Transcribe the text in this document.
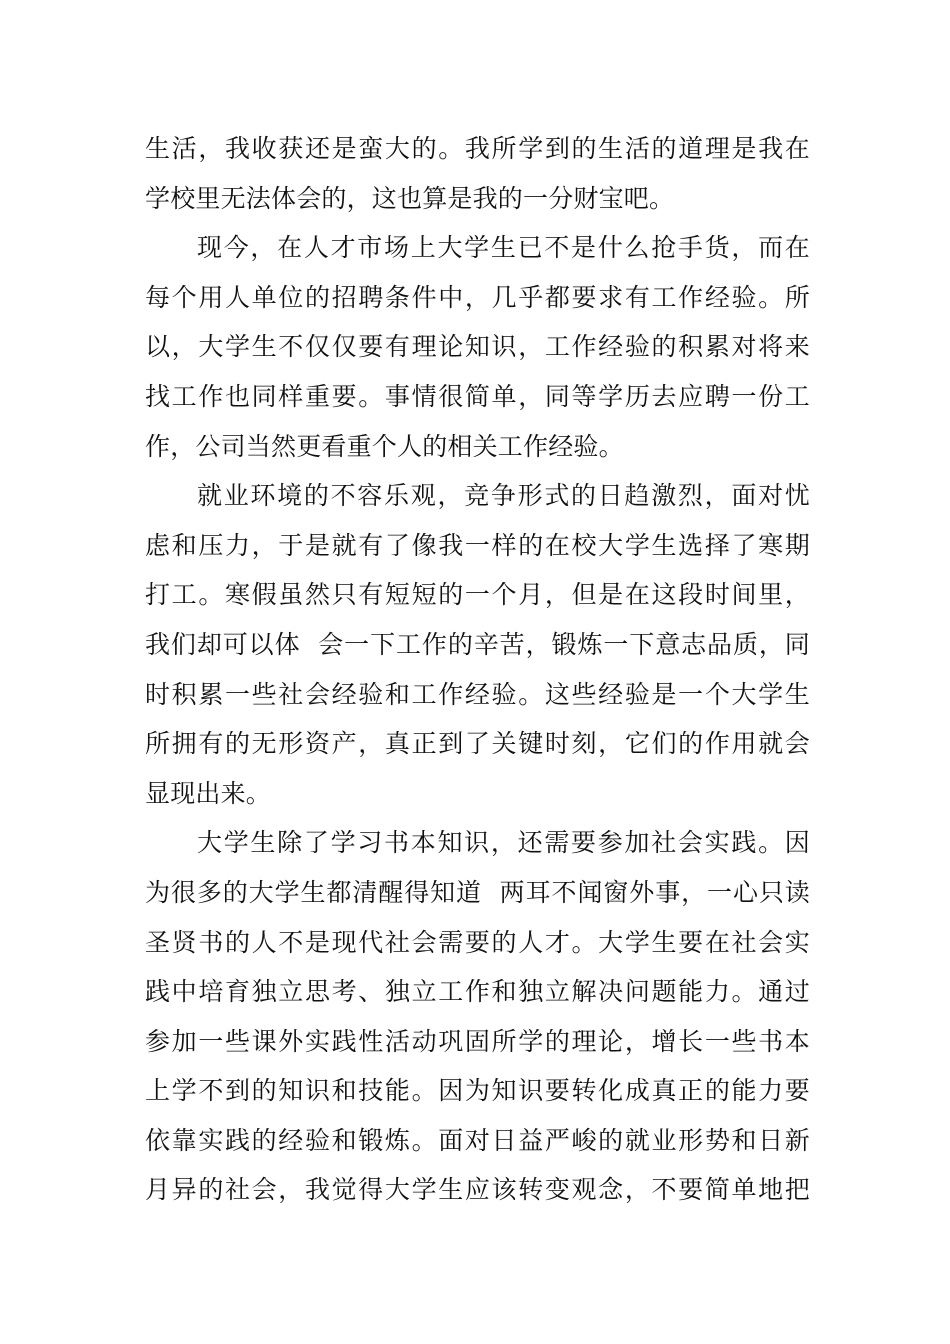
生活，我收获还是蛮大的。我所学到的生活的道理是我在
学校里无法体会的，这也算是我的一分财宝吧。
现今，在人才市场上大学生已不是什么抢手货，而在
每个用人单位的招聘条件中，几乎都要求有工作经验。所
以，大学生不仅仅要有理论知识，工作经验的积累对将来
找工作也同样重要。事情很简单，同等学历去应聘一份工
作，公司当然更看重个人的相关工作经验。
就业环境的不容乐观，竞争形式的日趋激烈，面对忧
虑和压力，于是就有了像我一样的在校大学生选择了寒期
打工。寒假虽然只有短短的一个月，但是在这段时间里，
我们却可以体  会一下工作的辛苦，锻炼一下意志品质，同
时积累一些社会经验和工作经验。这些经验是一个大学生
所拥有的无形资产，真正到了关键时刻，它们的作用就会
显现出来。
大学生除了学习书本知识，还需要参加社会实践。因
为很多的大学生都清醒得知道  两耳不闻窗外事，一心只读
圣贤书的人不是现代社会需要的人才。大学生要在社会实
践中培育独立思考、独立工作和独立解决问题能力。通过
参加一些课外实践性活动巩固所学的理论，增长一些书本
上学不到的知识和技能。因为知识要转化成真正的能力要
依靠实践的经验和锻炼。面对日益严峻的就业形势和日新
月异的社会，我觉得大学生应该转变观念，不要简单地把
